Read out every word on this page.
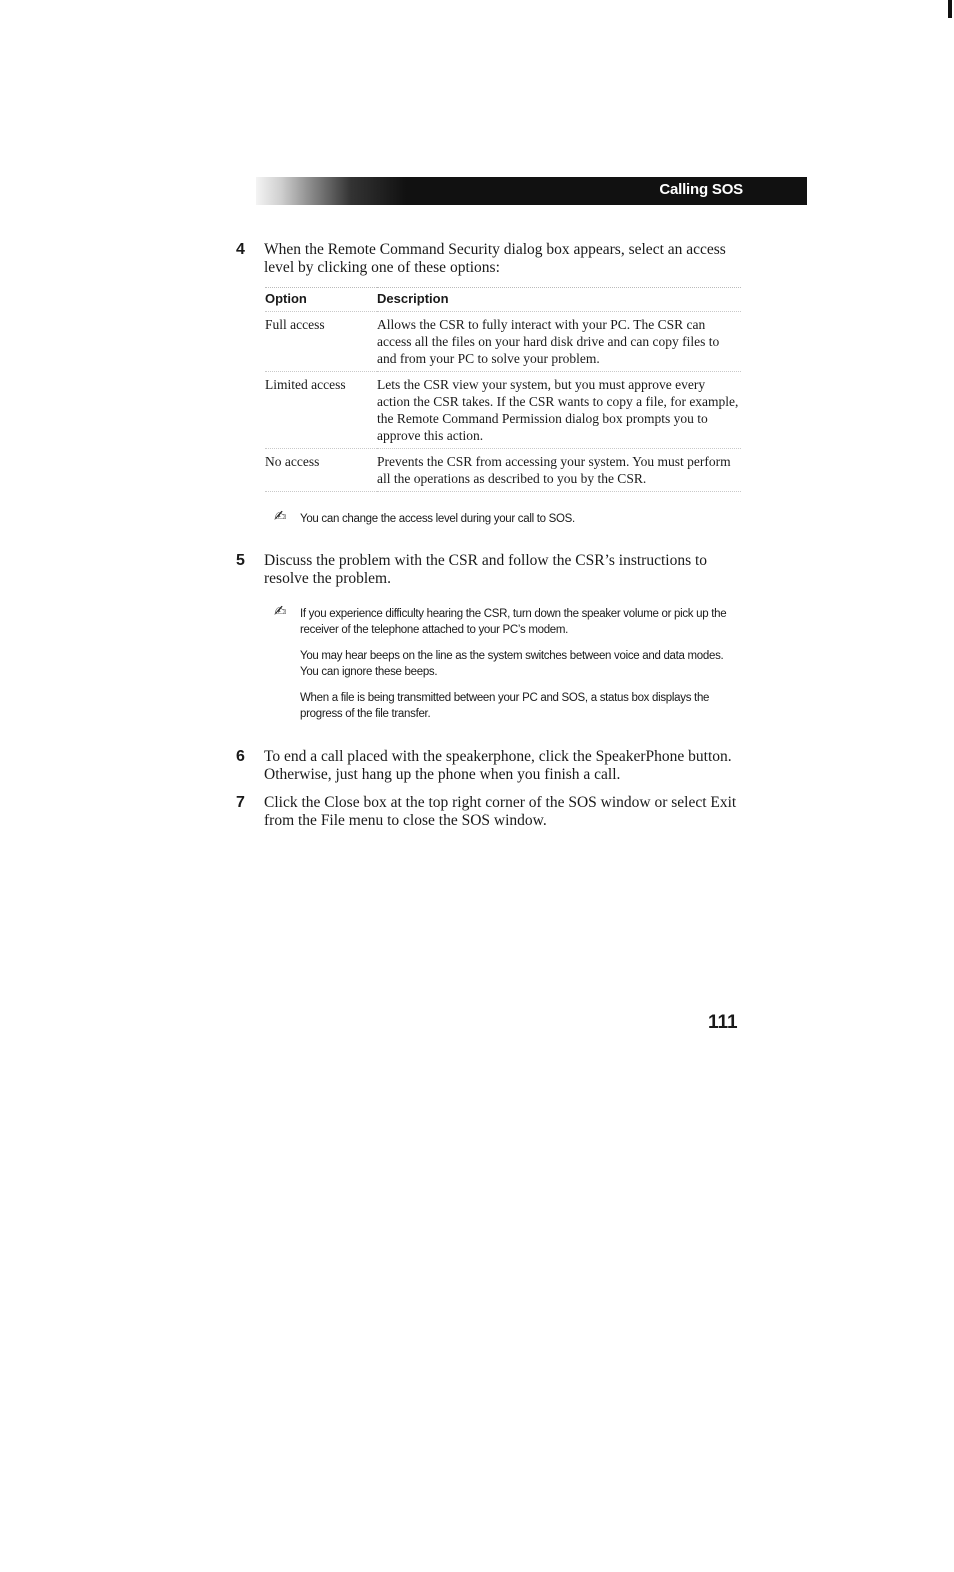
Calling SOS
4 When the Remote Command Security dialog box appears, select an access level by clicking one of these options:
Option	Description
Full access	Allows the CSR to fully interact with your PC. The CSR can access all the files on your hard disk drive and can copy files to and from your PC to solve your problem.
Limited access	Lets the CSR view your system, but you must approve every action the CSR takes. If the CSR wants to copy a file, for example, the Remote Command Permission dialog box prompts you to approve this action.
No access	Prevents the CSR from accessing your system. You must perform all the operations as described to you by the CSR.
✍ You can change the access level during your call to SOS.
5 Discuss the problem with the CSR and follow the CSR’s instructions to resolve the problem.
✍ If you experience difficulty hearing the CSR, turn down the speaker volume or pick up the receiver of the telephone attached to your PC’s modem.
You may hear beeps on the line as the system switches between voice and data modes. You can ignore these beeps.
When a file is being transmitted between your PC and SOS, a status box displays the progress of the file transfer.
6 To end a call placed with the speakerphone, click the SpeakerPhone button. Otherwise, just hang up the phone when you finish a call.
7 Click the Close box at the top right corner of the SOS window or select Exit from the File menu to close the SOS window.
111
